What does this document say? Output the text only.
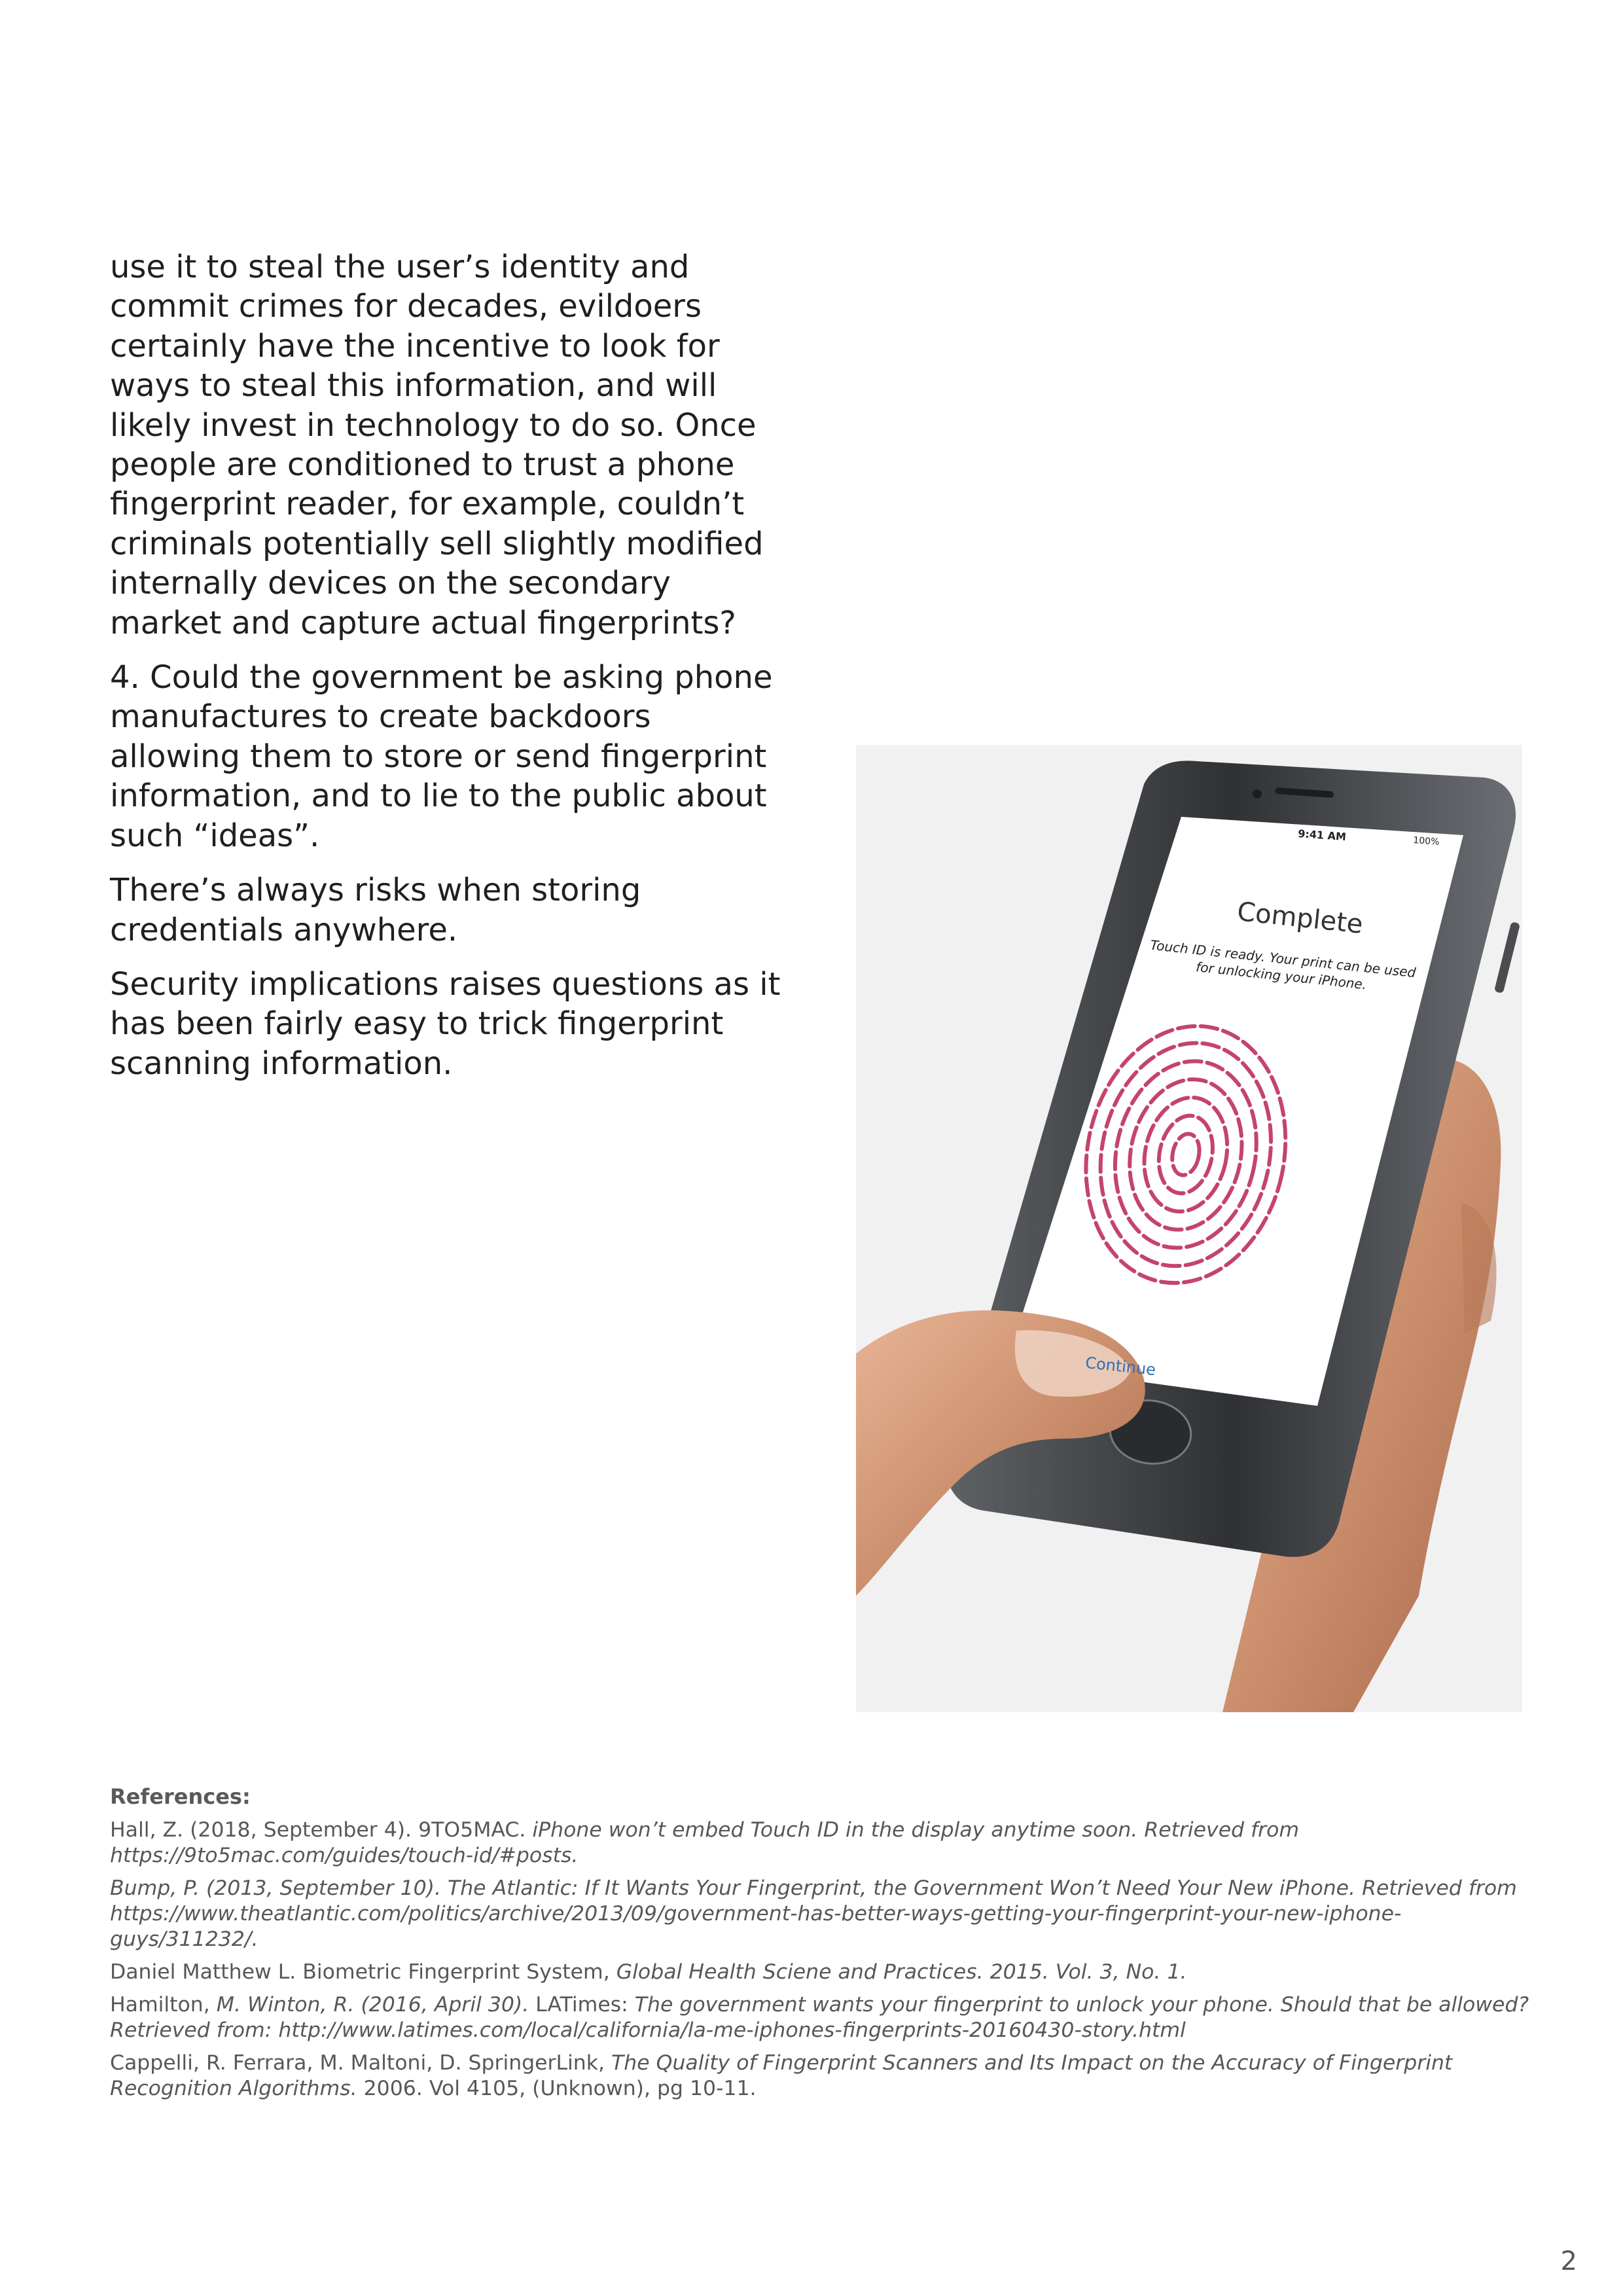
use it to steal the user’s identity and commit crimes for decades, evildoers certainly have the incentive to look for ways to steal this information, and will likely invest in technology to do so. Once people are conditioned to trust a phone fingerprint reader, for example, couldn’t criminals potentially sell slightly modified internally devices on the secondary market and capture actual fingerprints?

4. Could the government be asking phone manufactures to create backdoors allowing them to store or send fingerprint information, and to lie to the public about such “ideas”.

There’s always risks when storing credentials anywhere.

Security implications raises questions as it has been fairly easy to trick fingerprint scanning information.

9:41 AM	100%
Complete
Touch ID is ready. Your print can be used for unlocking your iPhone.
Continue
References:

Hall, Z. (2018, September 4). 9TO5MAC. iPhone won’t embed Touch ID in the display anytime soon. Retrieved from https://9to5mac.com/guides/touch-id/#posts.

Bump, P. (2013, September 10). The Atlantic: If It Wants Your Fingerprint, the Government Won’t Need Your New iPhone. Retrieved from https://www.theatlantic.com/politics/archive/2013/09/government-has-better-ways-getting-your-fingerprint-your-new-iphone-guys/311232/.

Daniel Matthew L. Biometric Fingerprint System, Global Health Sciene and Practices. 2015. Vol. 3, No. 1.

Hamilton, M. Winton, R. (2016, April 30). LATimes: The government wants your fingerprint to unlock your phone. Should that be allowed? Retrieved from: http://www.latimes.com/local/california/la-me-iphones-fingerprints-20160430-story.html

Cappelli, R. Ferrara, M. Maltoni, D. SpringerLink, The Quality of Fingerprint Scanners and Its Impact on the Accuracy of Fingerprint Recognition Algorithms. 2006. Vol 4105, (Unknown), pg 10-11.

2
